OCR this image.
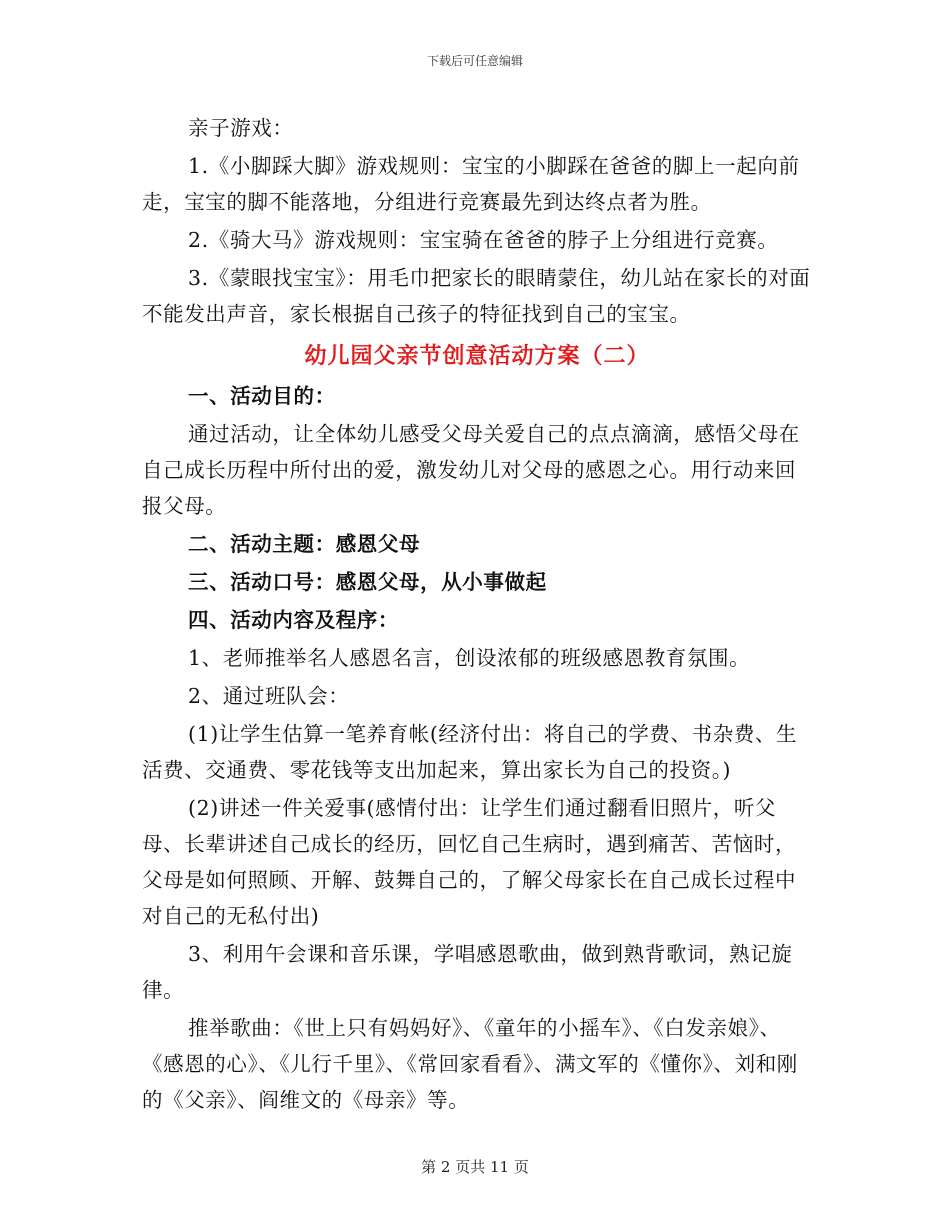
下载后可任意编辑

亲子游戏：

1.《小脚踩大脚》游戏规则：宝宝的小脚踩在爸爸的脚上一起向前走，宝宝的脚不能落地，分组进行竞赛最先到达终点者为胜。

2.《骑大马》游戏规则：宝宝骑在爸爸的脖子上分组进行竞赛。

3.《蒙眼找宝宝》：用毛巾把家长的眼睛蒙住，幼儿站在家长的对面不能发出声音，家长根据自己孩子的特征找到自己的宝宝。

幼儿园父亲节创意活动方案（二）

一、活动目的：

通过活动，让全体幼儿感受父母关爱自己的点点滴滴，感悟父母在自己成长历程中所付出的爱，激发幼儿对父母的感恩之心。用行动来回报父母。

二、活动主题：感恩父母

三、活动口号：感恩父母，从小事做起

四、活动内容及程序：

1、老师推举名人感恩名言，创设浓郁的班级感恩教育氛围。

2、通过班队会：

(1)让学生估算一笔养育帐(经济付出：将自己的学费、书杂费、生活费、交通费、零花钱等支出加起来，算出家长为自己的投资。)

(2)讲述一件关爱事(感情付出：让学生们通过翻看旧照片，听父母、长辈讲述自己成长的经历，回忆自己生病时，遇到痛苦、苦恼时，父母是如何照顾、开解、鼓舞自己的，了解父母家长在自己成长过程中对自己的无私付出)

3、利用午会课和音乐课，学唱感恩歌曲，做到熟背歌词，熟记旋律。

推举歌曲：《世上只有妈妈好》、《童年的小摇车》、《白发亲娘》、《感恩的心》、《儿行千里》、《常回家看看》、满文军的《懂你》、刘和刚的《父亲》、阎维文的《母亲》等。

第 2 页共 11 页
